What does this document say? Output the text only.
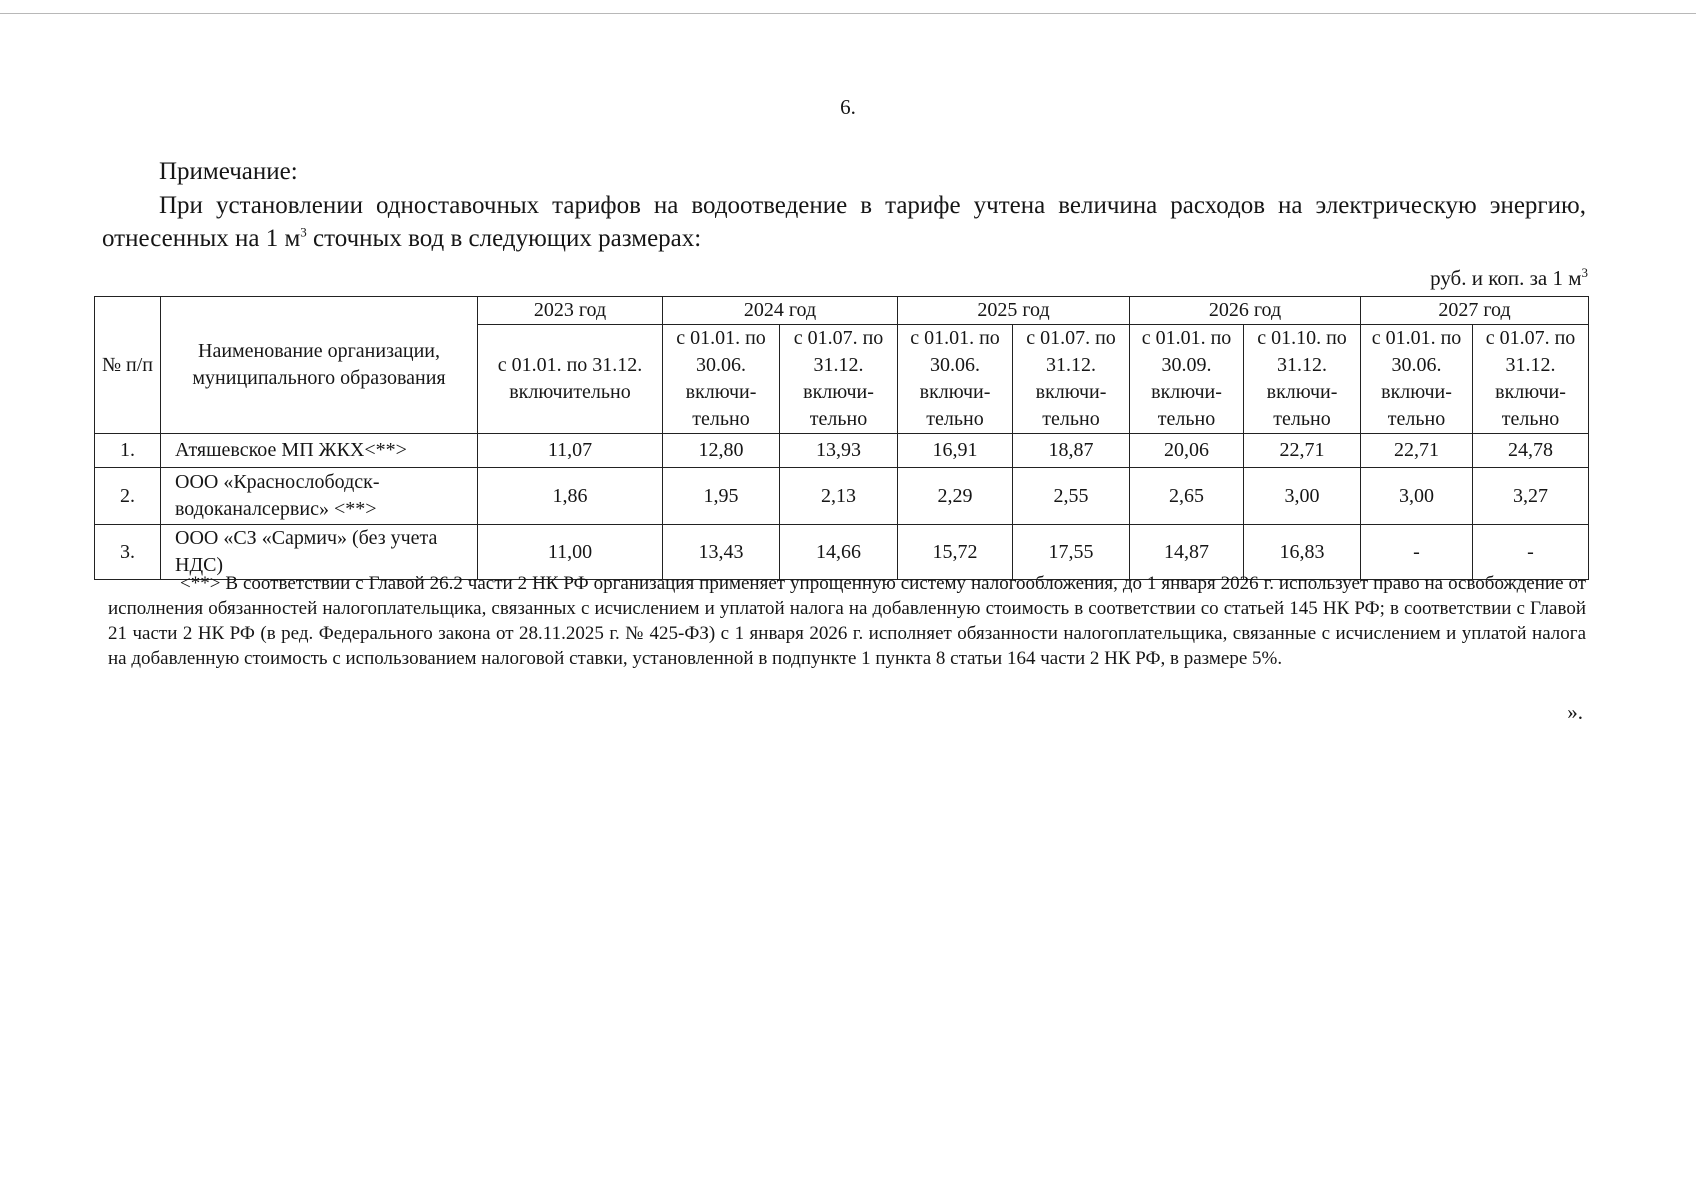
6.
Примечание:
При установлении одноставочных тарифов на водоотведение в тарифе учтена величина расходов на электрическую энергию, отнесенных на 1 $м^3$ сточных вод в следующих размерах:
руб. и коп. за 1 $м^3$
№ п/п	Наименование организации, муниципального образования	2023 год	2024 год		2025 год		2026 год		2027 год	
		с 01.01. по 31.12. включительно	с 01.01. по 30.06. включи- тельно	с 01.07. по 31.12. включи- тельно	с 01.01. по 30.06. включи- тельно	с 01.07. по 31.12. включи- тельно	с 01.01. по 30.09. включи- тельно	с 01.10. по 31.12. включи- тельно	с 01.01. по 30.06. включи- тельно	с 01.07. по 31.12. включи- тельно
1.	Атяшевское МП ЖКХ<**>	11,07	12,80	13,93	16,91	18,87	20,06	22,71	22,71	24,78
2.	ООО «Краснослободск-водоканалсервис» <**>	1,86	1,95	2,13	2,29	2,55	2,65	3,00	3,00	3,27
3.	ООО «СЗ «Сармич» (без учета НДС)	11,00	13,43	14,66	15,72	17,55	14,87	16,83	-	-
<**> В соответствии с Главой 26.2 части 2 НК РФ организация применяет упрощенную систему налогообложения, до 1 января 2026 г. использует право на освобождение от исполнения обязанностей налогоплательщика, связанных с исчислением и уплатой налога на добавленную стоимость в соответствии со статьей 145 НК РФ; в соответствии с Главой 21 части 2 НК РФ (в ред. Федерального закона от 28.11.2025 г. № 425-ФЗ) с 1 января 2026 г. исполняет обязанности налогоплательщика, связанные с исчислением и уплатой налога на добавленную стоимость с использованием налоговой ставки, установленной в подпункте 1 пункта 8 статьи 164 части 2 НК РФ, в размере 5%.
».
